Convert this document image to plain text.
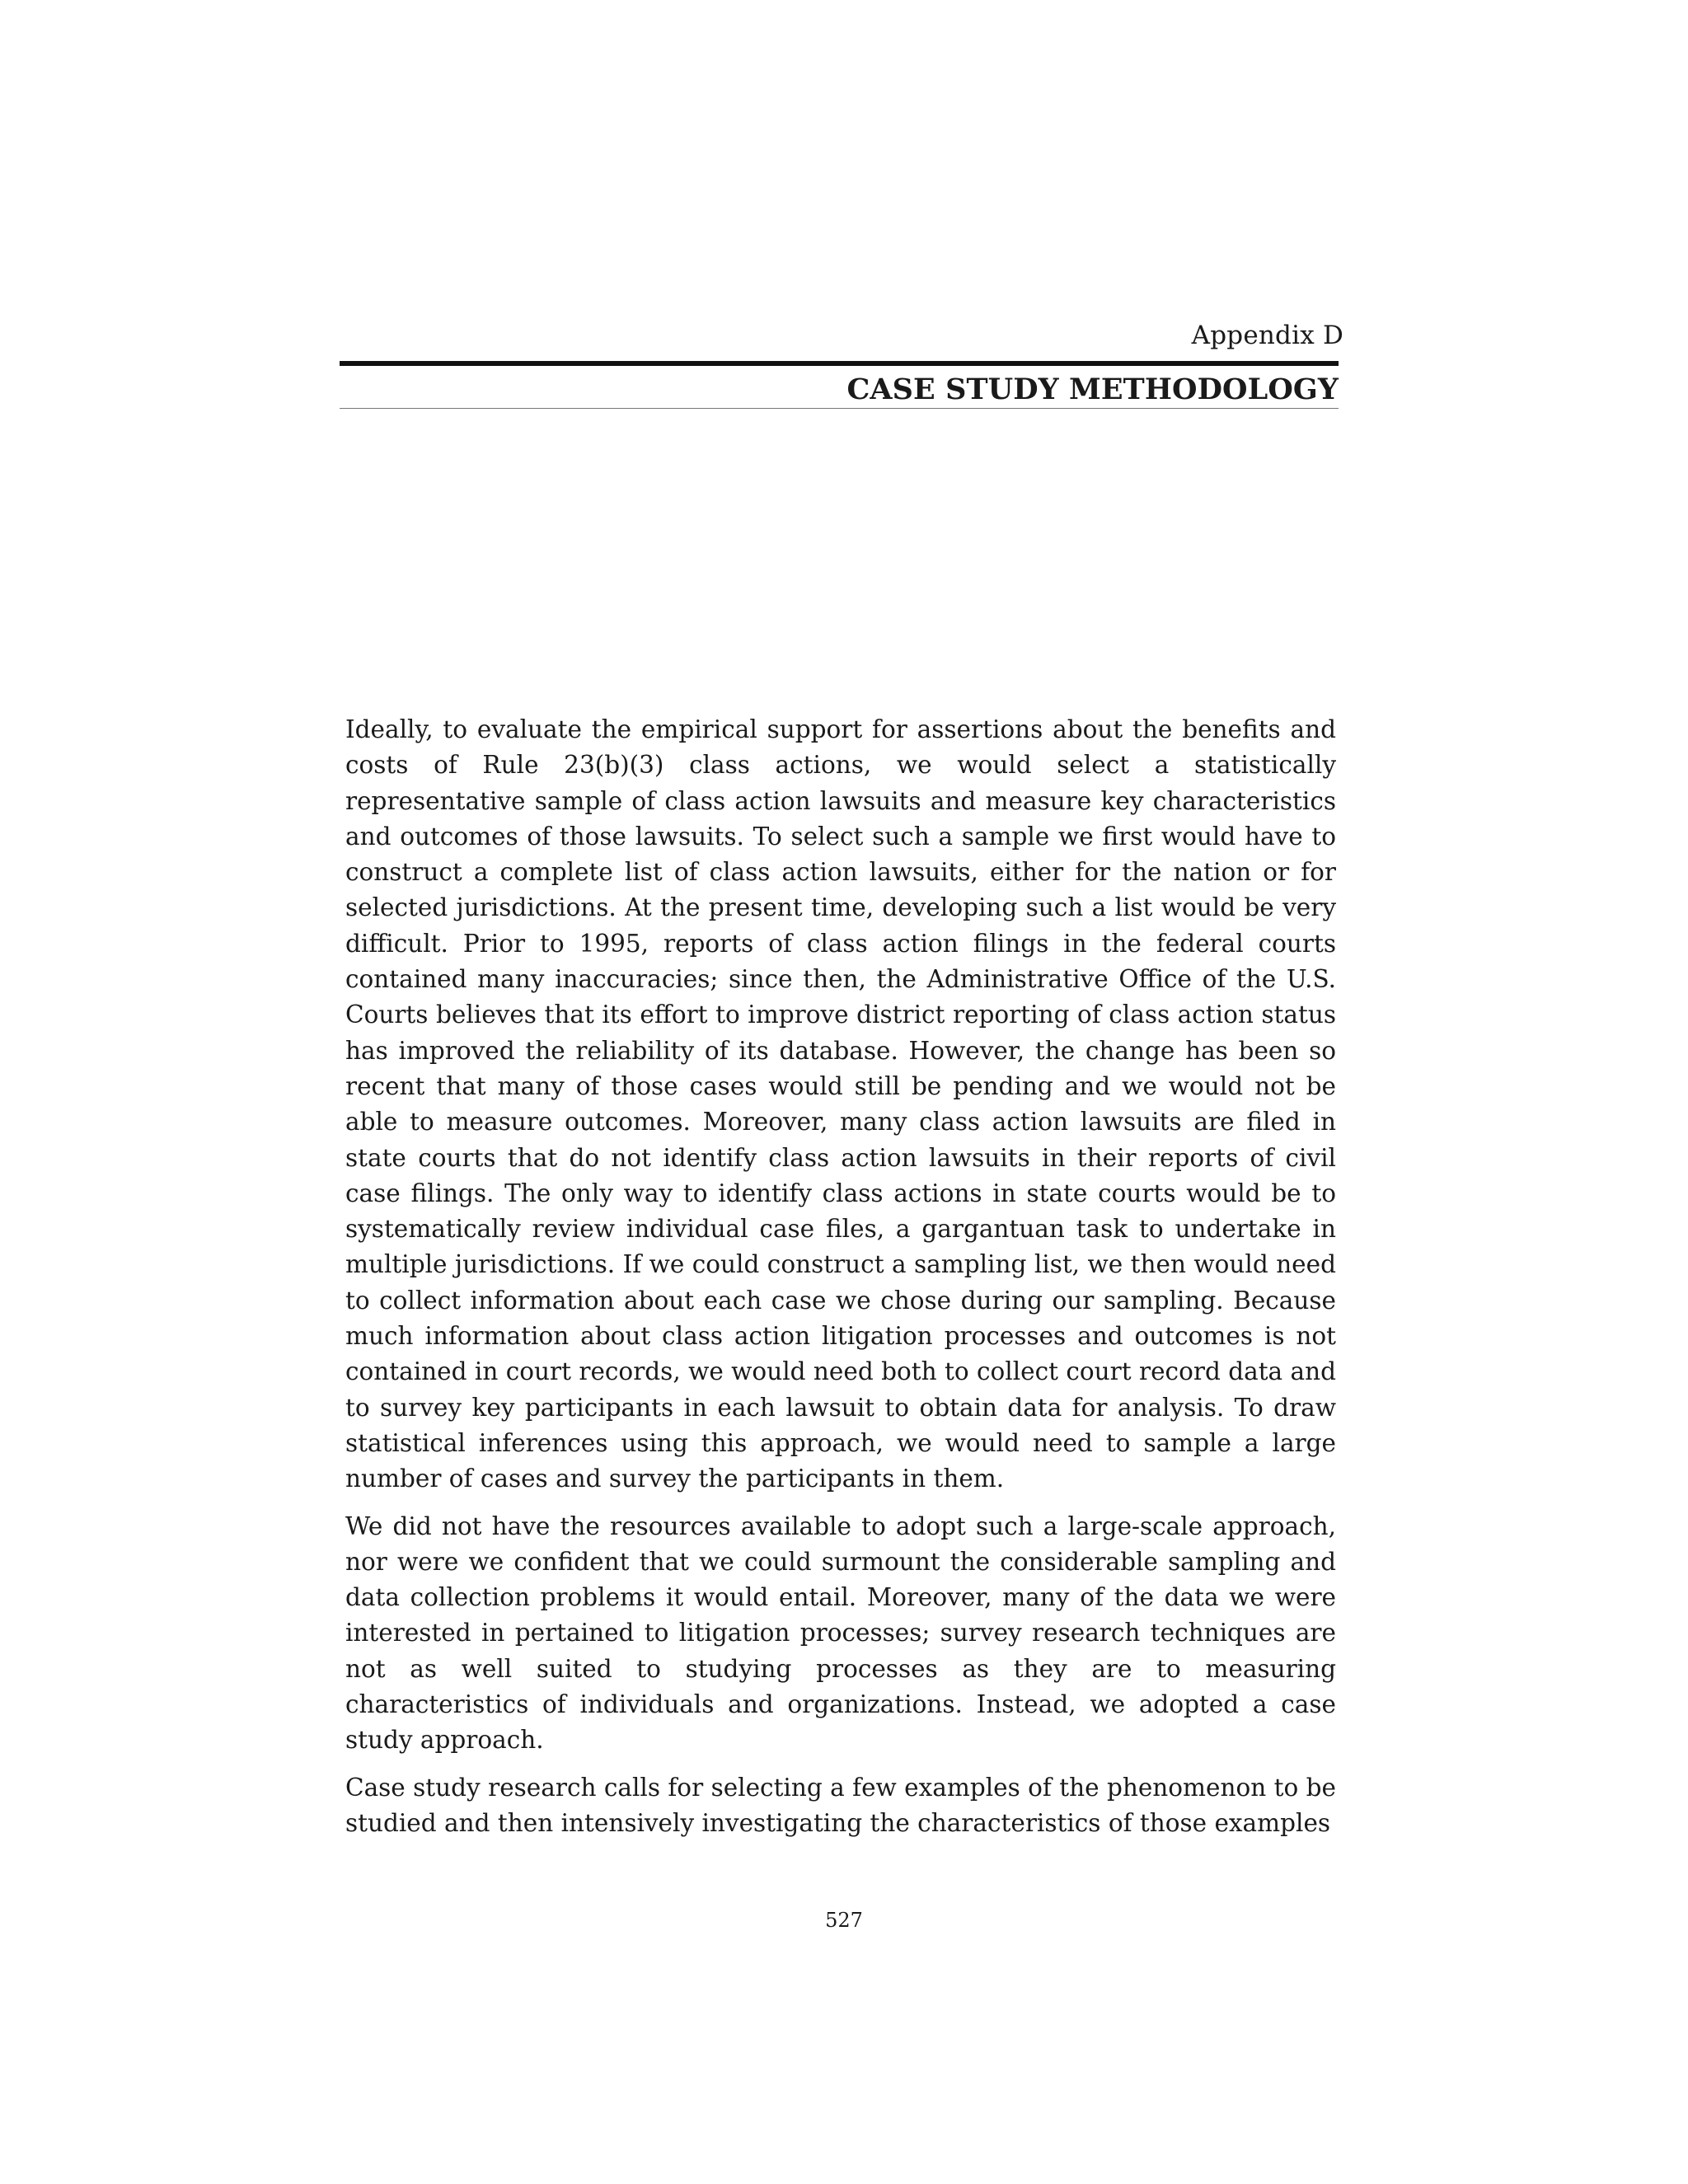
Appendix D
CASE STUDY METHODOLOGY

Ideally, to evaluate the empirical support for assertions about the benefits and costs of Rule 23(b)(3) class actions, we would select a statistically representative sample of class action lawsuits and measure key characteristics and outcomes of those lawsuits. To select such a sample we first would have to construct a complete list of class action lawsuits, either for the nation or for selected jurisdictions. At the present time, developing such a list would be very difficult. Prior to 1995, reports of class action filings in the federal courts contained many inaccuracies; since then, the Administrative Office of the U.S. Courts believes that its effort to improve district reporting of class action status has improved the reliability of its database. However, the change has been so recent that many of those cases would still be pending and we would not be able to measure outcomes. Moreover, many class action lawsuits are filed in state courts that do not identify class action lawsuits in their reports of civil case filings. The only way to identify class actions in state courts would be to systematically review individual case files, a gargantuan task to undertake in multiple jurisdictions. If we could construct a sampling list, we then would need to collect information about each case we chose during our sampling. Because much information about class action litigation processes and outcomes is not contained in court records, we would need both to collect court record data and to survey key participants in each lawsuit to obtain data for analysis. To draw statistical inferences using this approach, we would need to sample a large number of cases and survey the participants in them.

We did not have the resources available to adopt such a large-scale approach, nor were we confident that we could surmount the considerable sampling and data collection problems it would entail. Moreover, many of the data we were interested in pertained to litigation processes; survey research techniques are not as well suited to studying processes as they are to measuring characteristics of individuals and organizations. Instead, we adopted a case study approach.

Case study research calls for selecting a few examples of the phenomenon to be studied and then intensively investigating the characteristics of those examples

527
